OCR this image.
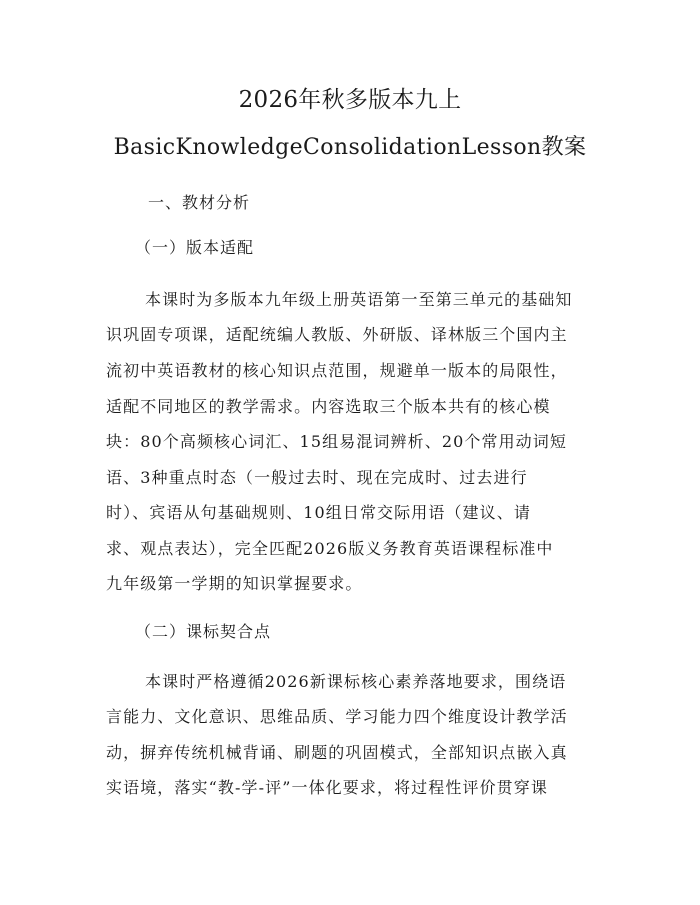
2026年秋多版本九上
BasicKnowledgeConsolidationLesson教案
一、教材分析
（一）版本适配
本课时为多版本九年级上册英语第一至第三单元的基础知
识巩固专项课，适配统编人教版、外研版、译林版三个国内主
流初中英语教材的核心知识点范围，规避单一版本的局限性，
适配不同地区的教学需求。内容选取三个版本共有的核心模
块：80个高频核心词汇、15组易混词辨析、20个常用动词短
语、3种重点时态（一般过去时、现在完成时、过去进行
时）、宾语从句基础规则、10组日常交际用语（建议、请
求、观点表达），完全匹配2026版义务教育英语课程标准中
九年级第一学期的知识掌握要求。
（二）课标契合点
本课时严格遵循2026新课标核心素养落地要求，围绕语
言能力、文化意识、思维品质、学习能力四个维度设计教学活
动，摒弃传统机械背诵、刷题的巩固模式，全部知识点嵌入真
实语境，落实“教-学-评”一体化要求，将过程性评价贯穿课
